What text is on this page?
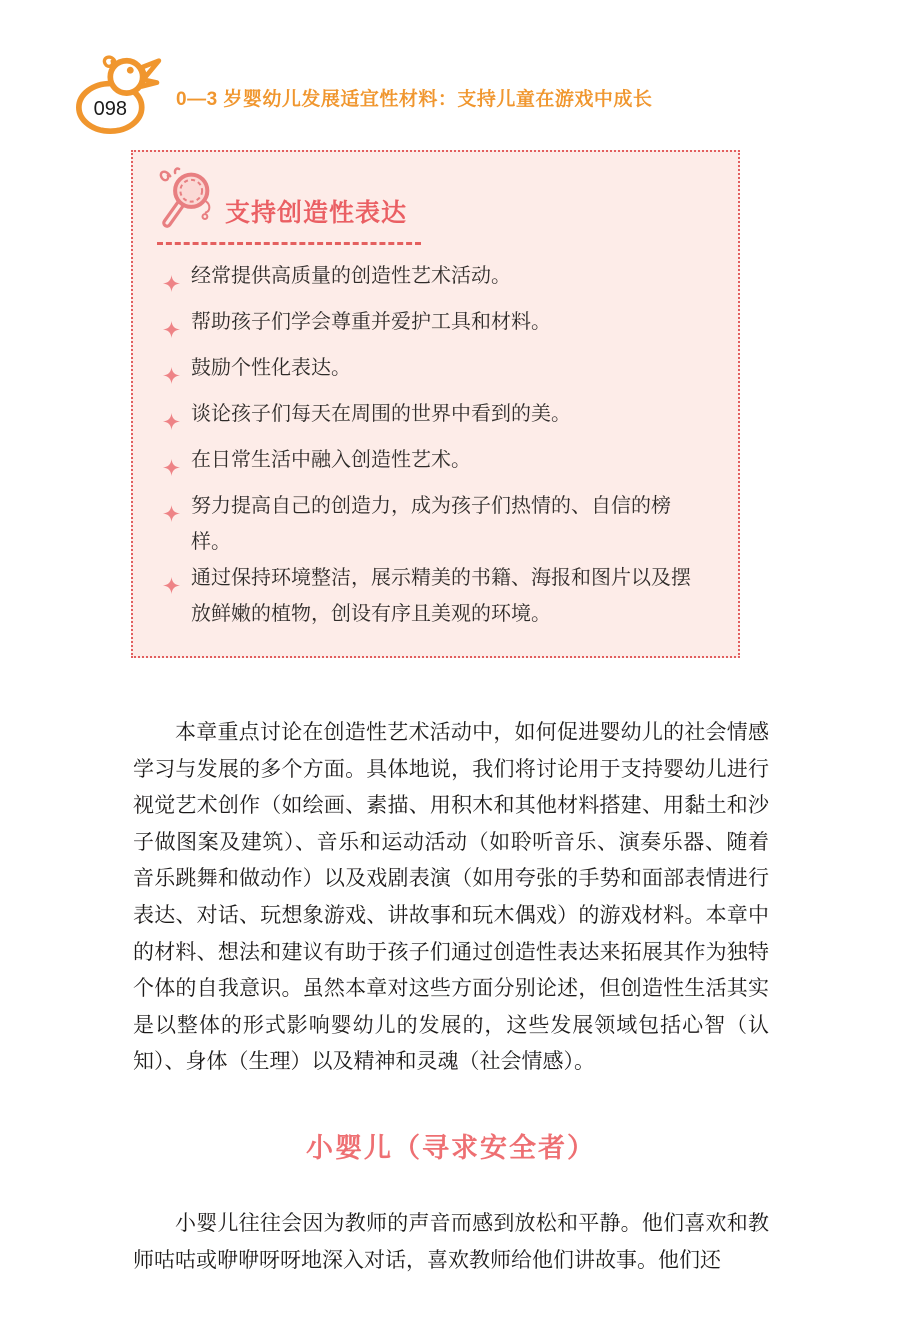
098	0—3 岁婴幼儿发展适宜性材料：支持儿童在游戏中成长
支持创造性表达
经常提供高质量的创造性艺术活动。
帮助孩子们学会尊重并爱护工具和材料。
鼓励个性化表达。
谈论孩子们每天在周围的世界中看到的美。
在日常生活中融入创造性艺术。
努力提高自己的创造力，成为孩子们热情的、自信的榜样。
通过保持环境整洁，展示精美的书籍、海报和图片以及摆放鲜嫩的植物，创设有序且美观的环境。

本章重点讨论在创造性艺术活动中，如何促进婴幼儿的社会情感学习与发展的多个方面。具体地说，我们将讨论用于支持婴幼儿进行视觉艺术创作（如绘画、素描、用积木和其他材料搭建、用黏土和沙子做图案及建筑）、音乐和运动活动（如聆听音乐、演奏乐器、随着音乐跳舞和做动作）以及戏剧表演（如用夸张的手势和面部表情进行表达、对话、玩想象游戏、讲故事和玩木偶戏）的游戏材料。本章中的材料、想法和建议有助于孩子们通过创造性表达来拓展其作为独特个体的自我意识。虽然本章对这些方面分别论述，但创造性生活其实是以整体的形式影响婴幼儿的发展的，这些发展领域包括心智（认知）、身体（生理）以及精神和灵魂（社会情感）。

小婴儿（寻求安全者）

小婴儿往往会因为教师的声音而感到放松和平静。他们喜欢和教师咕咕或咿咿呀呀地深入对话，喜欢教师给他们讲故事。他们还
